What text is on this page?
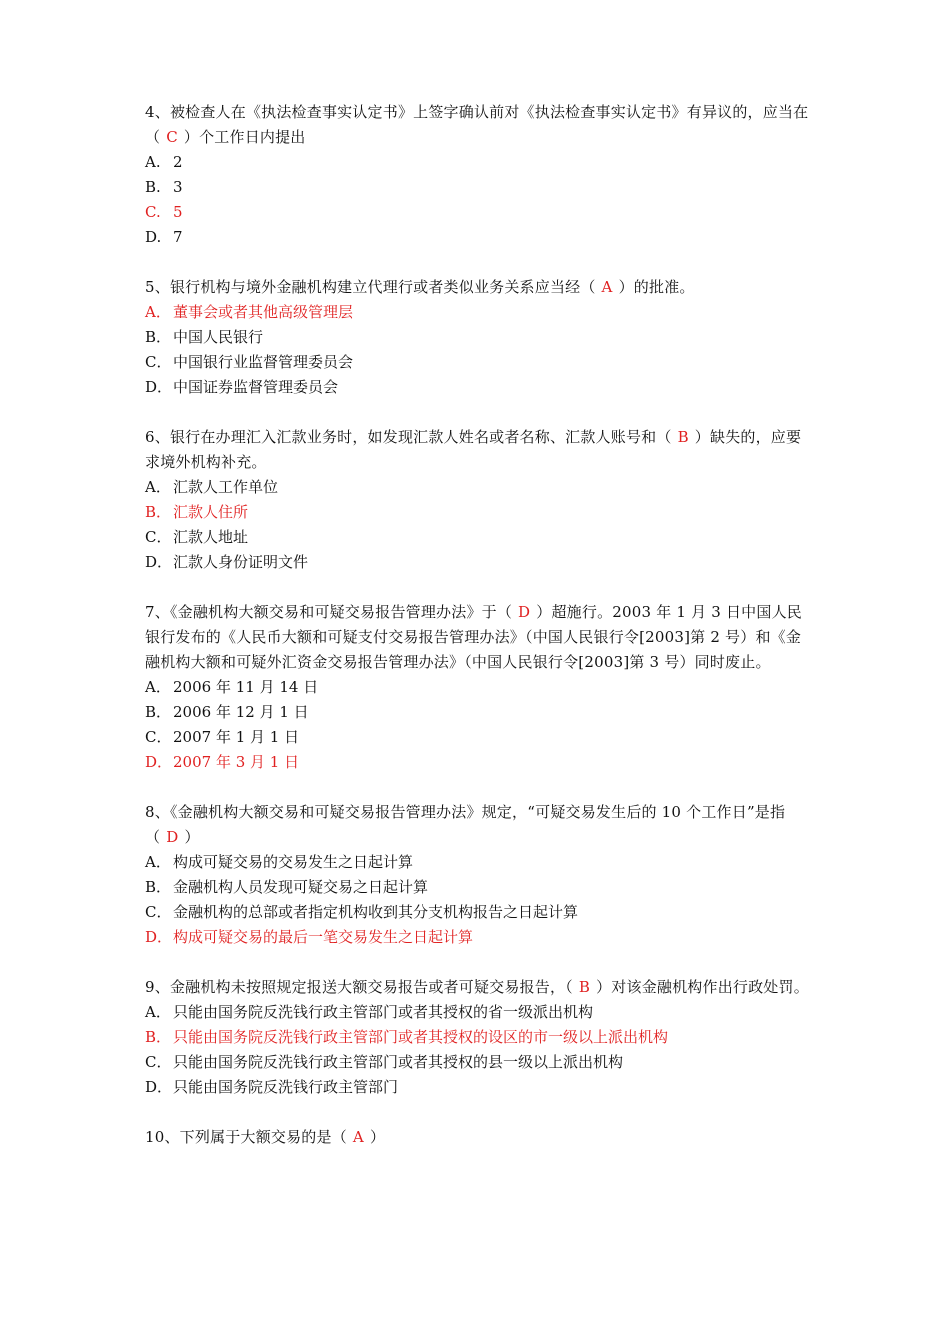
4、被检查人在《执法检查事实认定书》上签字确认前对《执法检查事实认定书》有异议的，应当在（ C ）个工作日内提出
A. 2
B. 3
C. 5
D. 7
5、银行机构与境外金融机构建立代理行或者类似业务关系应当经（ A ）的批准。
A． 董事会或者其他高级管理层
B． 中国人民银行
C． 中国银行业监督管理委员会
D．中国证券监督管理委员会
6、银行在办理汇入汇款业务时，如发现汇款人姓名或者名称、汇款人账号和（ B ）缺失的，应要求境外机构补充。
A． 汇款人工作单位
B． 汇款人住所
C． 汇款人地址
D．汇款人身份证明文件
7、《金融机构大额交易和可疑交易报告管理办法》于（ D ）超施行。2003 年 1 月 3 日中国人民银行发布的《人民币大额和可疑支付交易报告管理办法》（中国人民银行令[2003]第 2 号）和《金融机构大额和可疑外汇资金交易报告管理办法》（中国人民银行令[2003]第 3 号）同时废止。
A． 2006 年 11 月 14 日
B． 2006 年 12 月 1 日
C． 2007 年 1 月 1 日
D．2007 年 3 月 1 日
8、《金融机构大额交易和可疑交易报告管理办法》规定，“可疑交易发生后的 10 个工作日”是指（ D ）
A． 构成可疑交易的交易发生之日起计算
B． 金融机构人员发现可疑交易之日起计算
C． 金融机构的总部或者指定机构收到其分支机构报告之日起计算
D．构成可疑交易的最后一笔交易发生之日起计算
9、金融机构未按照规定报送大额交易报告或者可疑交易报告，（ B ）对该金融机构作出行政处罚。
A． 只能由国务院反洗钱行政主管部门或者其授权的省一级派出机构
B． 只能由国务院反洗钱行政主管部门或者其授权的设区的市一级以上派出机构
C． 只能由国务院反洗钱行政主管部门或者其授权的县一级以上派出机构
D．只能由国务院反洗钱行政主管部门
10、下列属于大额交易的是（ A ）
